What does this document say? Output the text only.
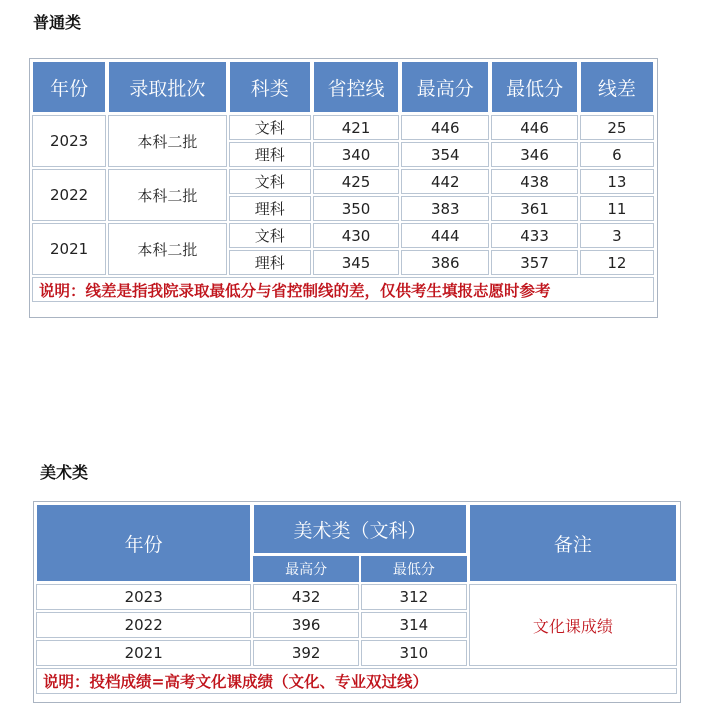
普通类
年份	录取批次	科类	省控线	最高分	最低分	线差
2023	本科二批	文科	421	446	446	25
		理科	340	354	346	6
2022	本科二批	文科	425	442	438	13
		理科	350	383	361	11
2021	本科二批	文科	430	444	433	3
		理科	345	386	357	12
说明：线差是指我院录取最低分与省控制线的差，仅供考生填报志愿时参考						
美术类
年份	美术类（文科）		备注
	最高分	最低分	
2023	432	312	文化课成绩
2022	396	314	
2021	392	310	
说明：投档成绩=高考文化课成绩（文化、专业双过线）			
